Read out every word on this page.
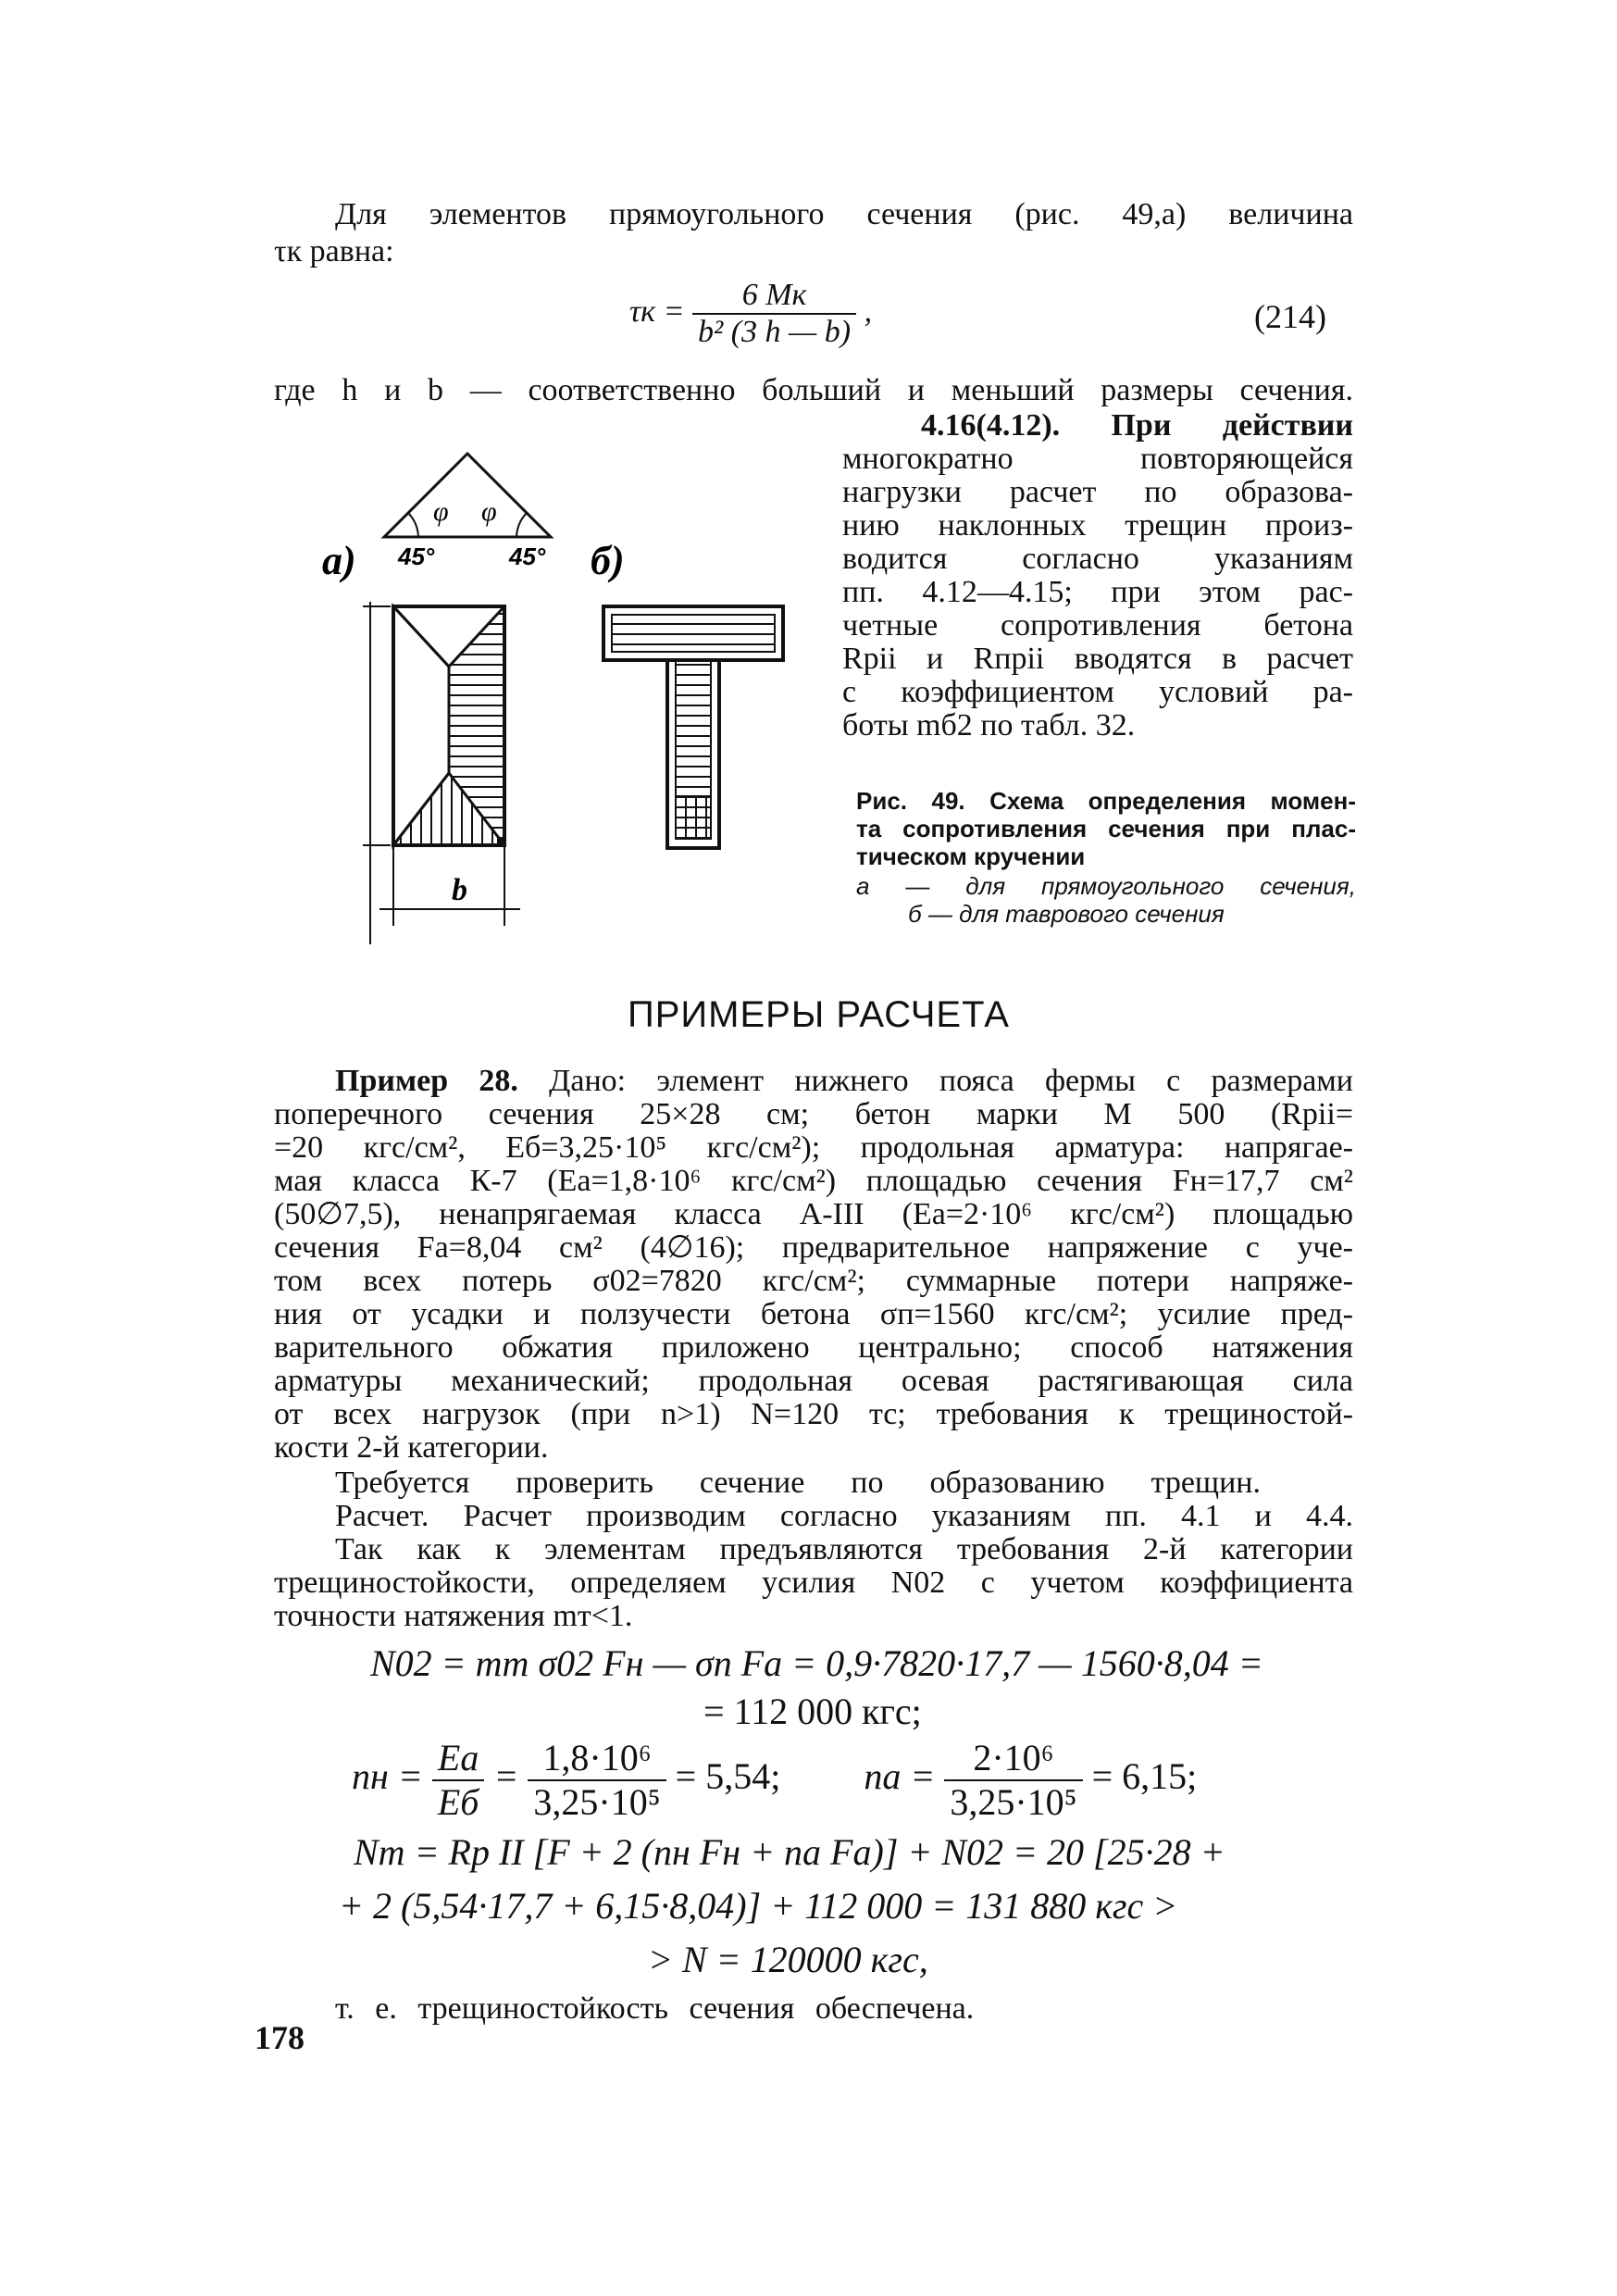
Для элементов прямоугольного сечения (рис. 49,а) величина
τк равна:
$\tau к = \frac{6 Mк}{\text{b² (3 h — b)}}$ ,	(214)
где h и b — соответственно больший и меньший размеры сечения.
4.16(4.12). При действии
многократно повторяющейся
нагрузки расчет по образова-
нию наклонных трещин произ-
водится согласно указаниям
пп. 4.12—4.15; при этом рас-
четные сопротивления бетона
Rpii и Rпpii вводятся в расчет
с коэффициентом условий ра-
боты mб2 по табл. 32.
φ φ
45°	45°
а)	б)
b
Рис. 49. Схема определения момен-
та сопротивления сечения при плас-
тическом кручении
а — для прямоугольного сечения,
б — для таврового сечения
ПРИМЕРЫ РАСЧЕТА
Пример 28. Дано: элемент нижнего пояса фермы с размерами
поперечного сечения 25×28 см; бетон марки М 500 (Rpii=
=20 кгс/см², Eб=3,25·10⁵ кгс/см²); продольная арматура: напрягае-
мая класса К-7 (Eа=1,8·10⁶ кгс/см²) площадью сечения Fн=17,7 см²
(50∅7,5), ненапрягаемая класса А-III (Eа=2·10⁶ кгс/см²) площадью
сечения Fа=8,04 см² (4∅16); предварительное напряжение с уче-
том всех потерь σ02=7820 кгс/см²; суммарные потери напряже-
ния от усадки и ползучести бетона σп=1560 кгс/см²; усилие пред-
варительного обжатия приложено центрально; способ натяжения
арматуры механический; продольная осевая растягивающая сила
от всех нагрузок (при n>1) N=120 тс; требования к трещиностой-
кости 2-й категории.
Требуется проверить сечение по образованию трещин.
Расчет. Расчет производим согласно указаниям пп. 4.1 и 4.4.
Так как к элементам предъявляются требования 2-й категории
трещиностойкости, определяем усилия N02 с учетом коэффициента
точности натяжения mт<1.
N02 = mт σ02 Fн — σп Fа = 0,9·7820·17,7 — 1560·8,04 =
= 112 000 кгс;
nн = $\frac{Eа}{Eб} = \frac{\text{1,8·10⁶}}{\text{3,25·10⁵}} = 5,54$; nа = $\frac{\text{2·10⁶}}{\text{3,25·10⁵}} = 6,15$;
Nт = Rp II [F + 2 (nн Fн + nа Fа)] + N02 = 20 [25·28 +
+ 2 (5,54·17,7 + 6,15·8,04)] + 112 000 = 131 880 кгс >
> N = 120000 кгс,
т. е. трещиностойкость сечения обеспечена.
178
